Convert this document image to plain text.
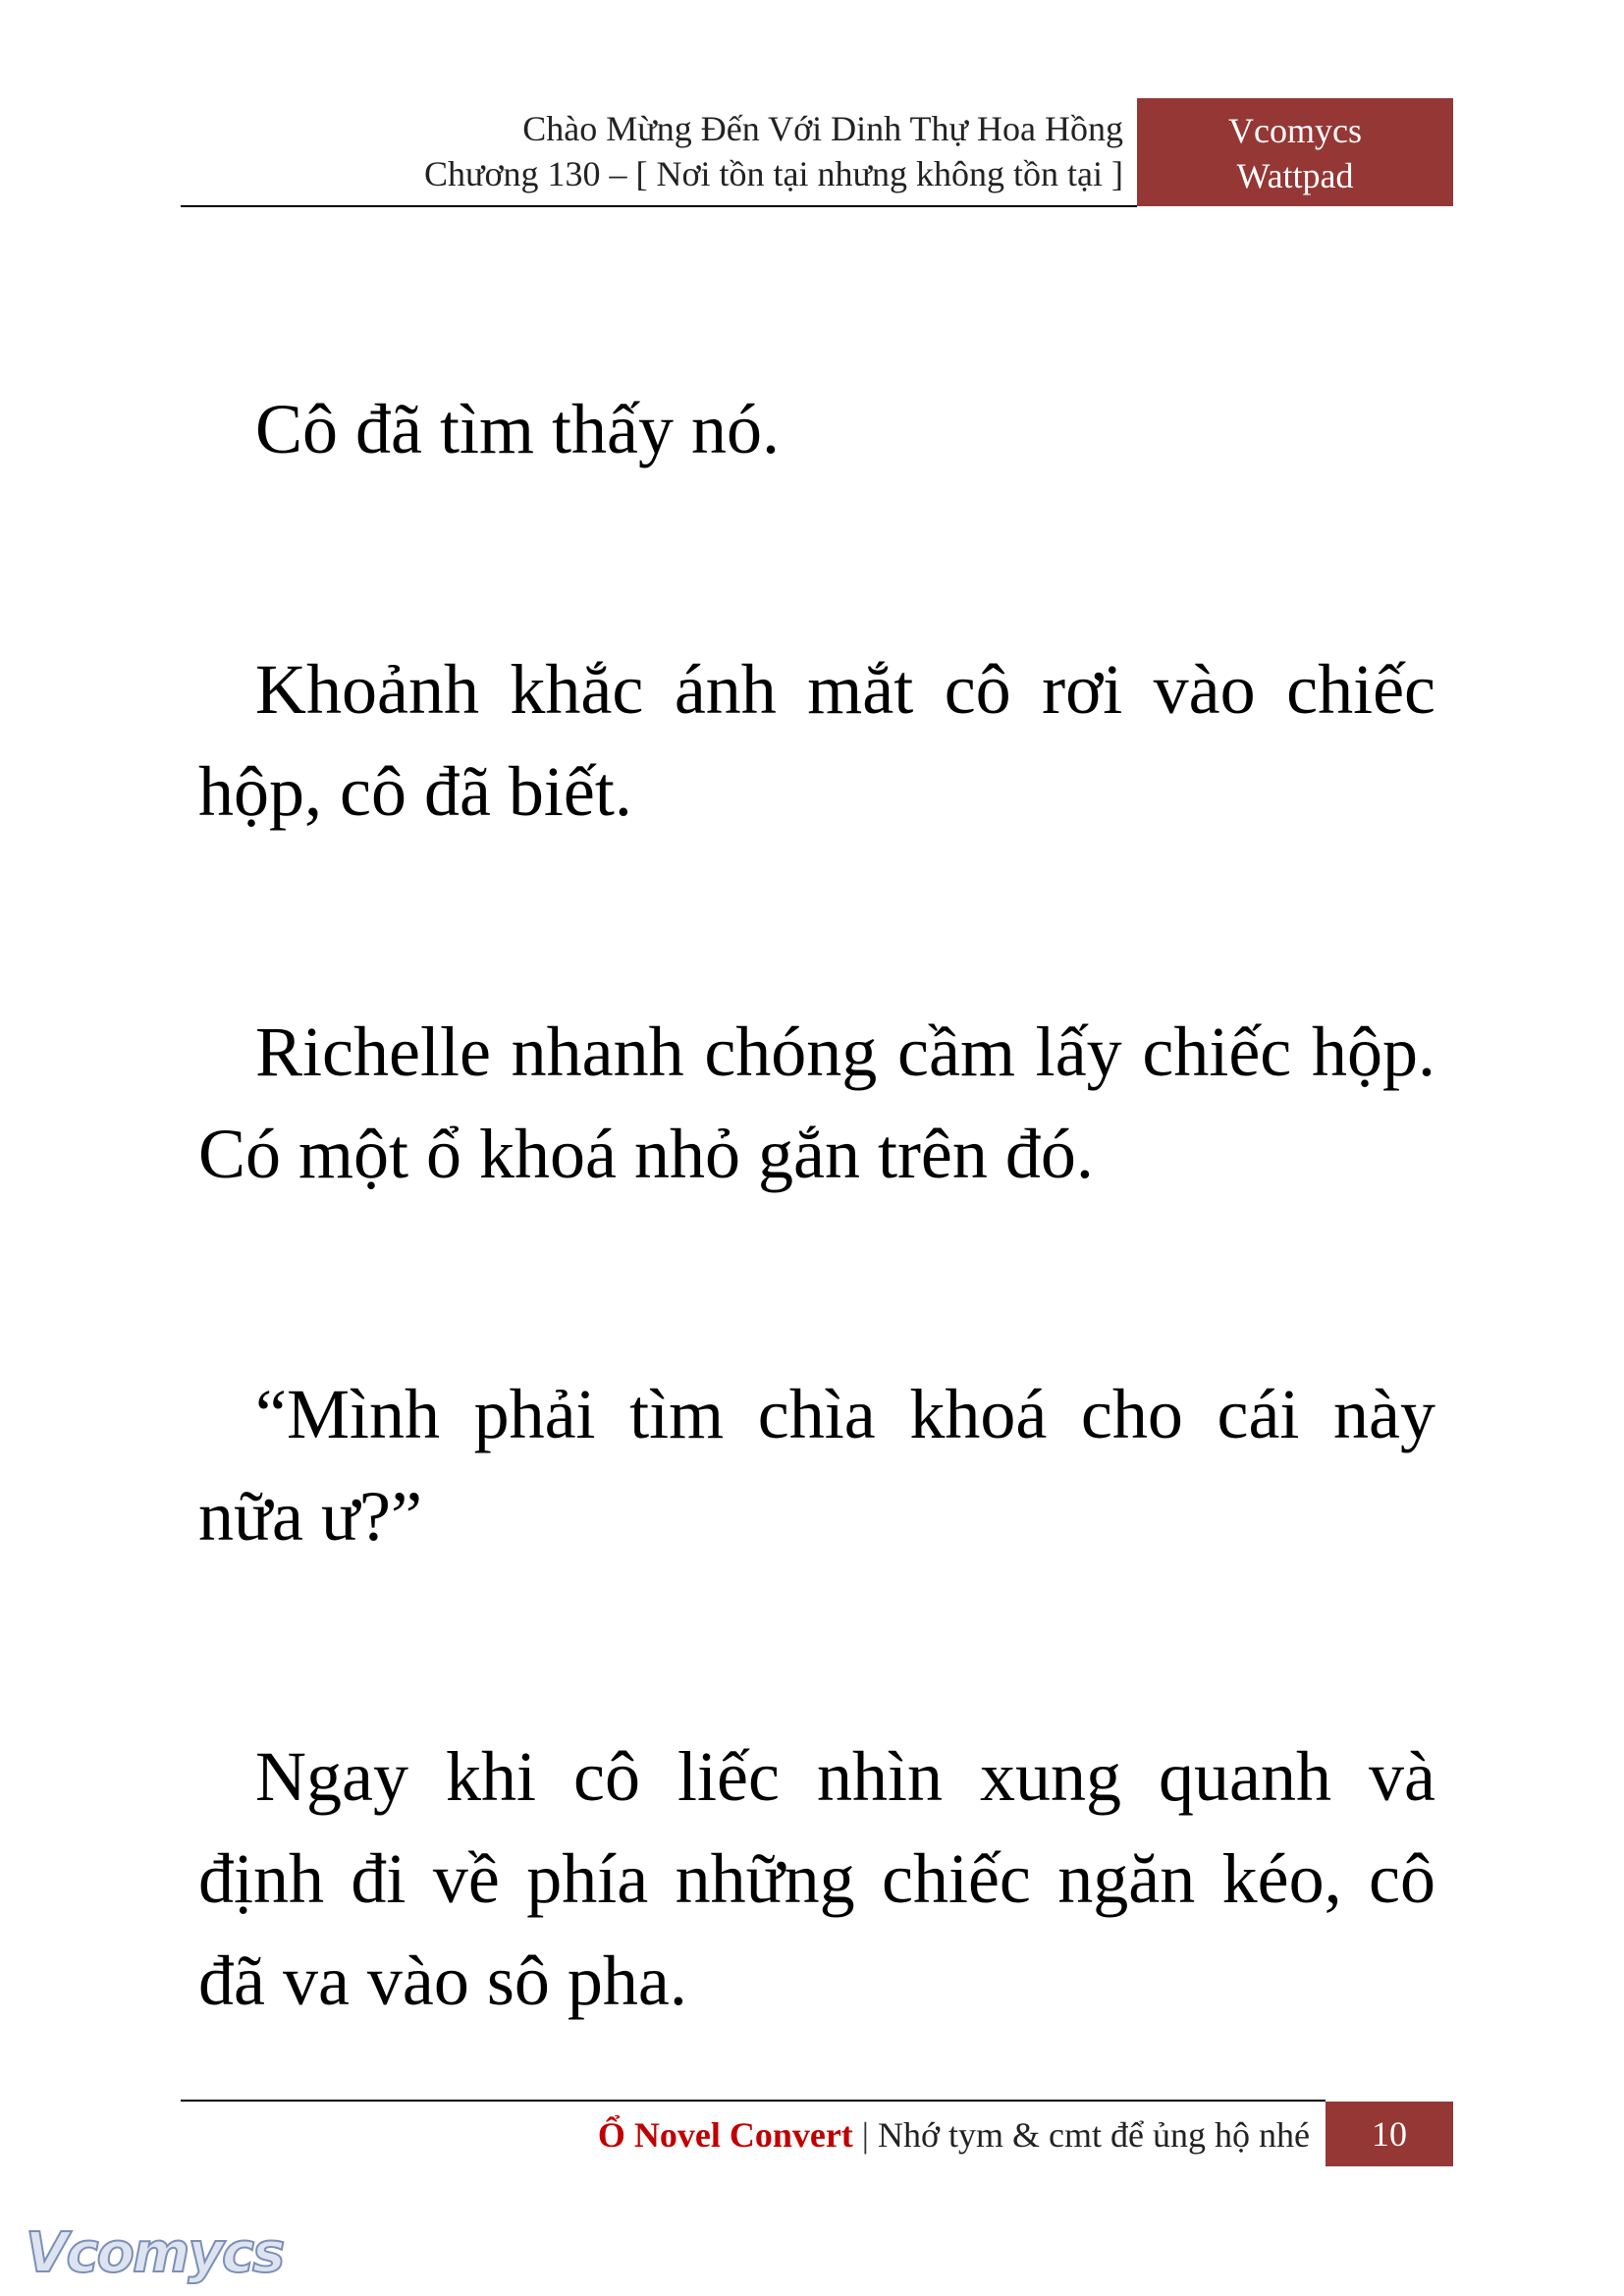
Chào Mừng Đến Với Dinh Thự Hoa Hồng
Chương 130 – [ Nơi tồn tại nhưng không tồn tại ]
Vcomycs
Wattpad

Cô đã tìm thấy nó.

Khoảnh khắc ánh mắt cô rơi vào chiếc hộp, cô đã biết.

Richelle nhanh chóng cầm lấy chiếc hộp. Có một ổ khoá nhỏ gắn trên đó.

“Mình phải tìm chìa khoá cho cái này nữa ư?”

Ngay khi cô liếc nhìn xung quanh và định đi về phía những chiếc ngăn kéo, cô đã va vào sô pha.

Ổ Novel Convert | Nhớ tym & cmt để ủng hộ nhé	10
Vcomycs
